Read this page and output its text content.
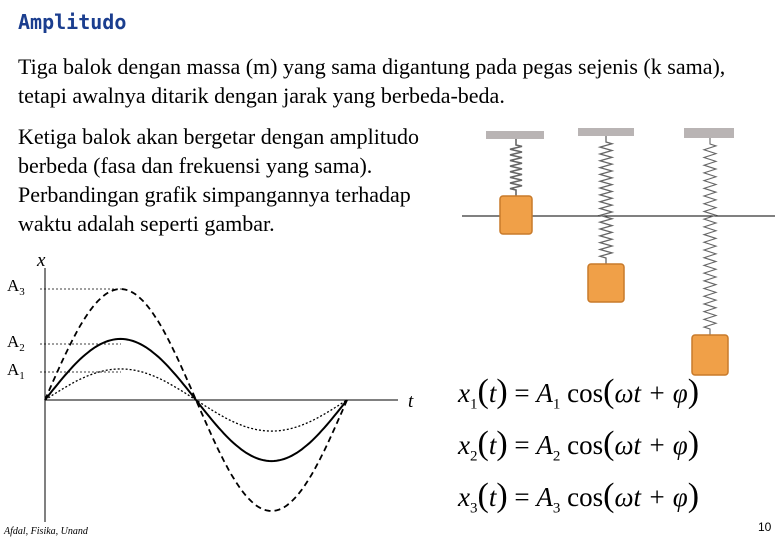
Amplitudo
Tiga balok dengan massa (m) yang sama digantung pada pegas sejenis (k sama), tetapi awalnya ditarik dengan jarak yang berbeda-beda.
Ketiga balok akan bergetar dengan amplitudo berbeda (fasa dan frekuensi yang sama). Perbandingan grafik simpangannya terhadap waktu adalah seperti gambar.
x
t
$A_3$
$A_2$
$A_1$
$x_1(t) = A_1$ cos(ωt + φ)
$x_2(t) = A_2$ cos(ωt + φ)
$x_3(t) = A_3$ cos(ωt + φ)
Afdal, Fisika, Unand	10
